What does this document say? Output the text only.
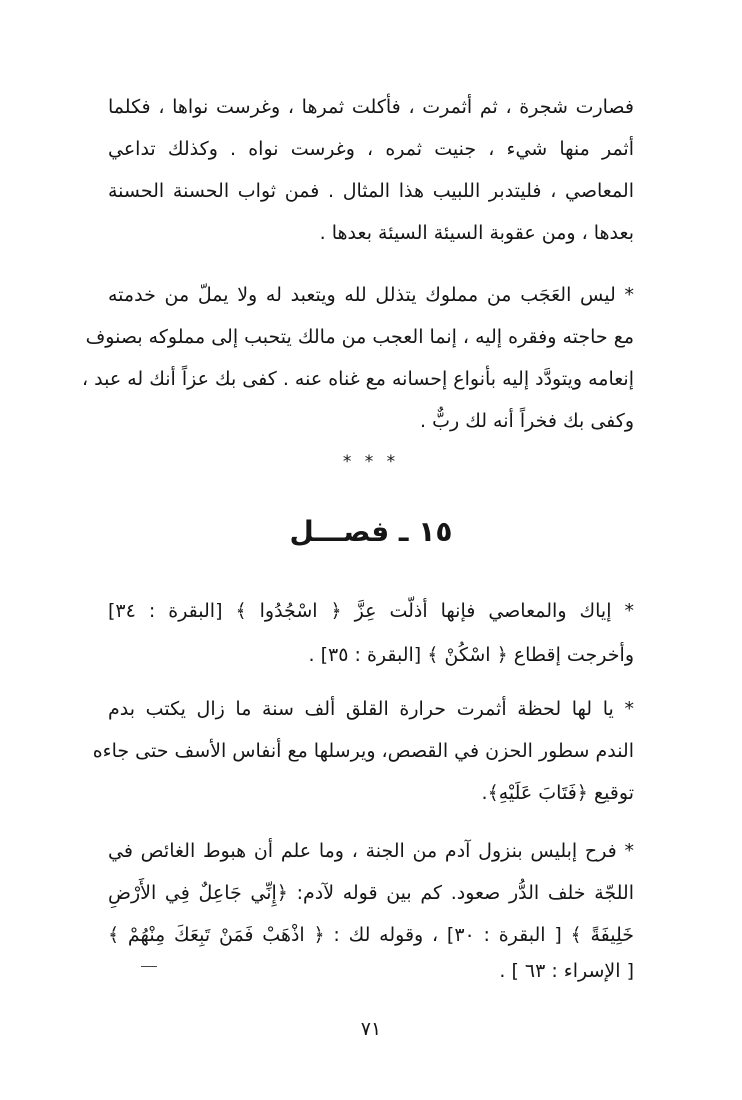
فصارت شجرة ، ثم أثمرت ، فأكلت ثمرها ، وغرست نواها ، فكلما
أثمر منها شيء ، جنيت ثمره ، وغرست نواه . وكذلك تداعي
المعاصي ، فليتدبر اللبيب هذا المثال . فمن ثواب الحسنة الحسنة
بعدها ، ومن عقوبة السيئة السيئة بعدها .
* ليس العَجَب من مملوك يتذلل لله ويتعبد له ولا يملّ من خدمته
مع حاجته وفقره إليه ، إنما العجب من مالك يتحبب إلى مملوكه بصنوف
إنعامه ويتودَّد إليه بأنواع إحسانه مع غناه عنه . كفى بك عزاً أنك له عبد ،
وكفى بك فخراً أنه لك ربٌّ .
* * *
١٥ ـ فصـــل
* إياك والمعاصي فإنها أذلّت عِزَّ ﴿ اسْجُدُوا ﴾ [البقرة : ٣٤]
وأخرجت إقطاع ﴿ اسْكُنْ ﴾ [البقرة : ٣٥] .
* يا لها لحظة أثمرت حرارة القلق ألف سنة ما زال يكتب بدم
الندم سطور الحزن في القصص، ويرسلها مع أنفاس الأسف حتى جاءه
توقيع ﴿فَتَابَ عَلَيْهِ﴾.
* فرح إبليس بنزول آدم من الجنة ، وما علم أن هبوط الغائص في
اللجّة خلف الدُّر صعود. كم بين قوله لآدم: ﴿إِنِّي جَاعِلٌ فِي الأَرْضِ
خَلِيفَةً ﴾ [ البقرة : ٣٠] ، وقوله لك : ﴿ اذْهَبْ فَمَنْ تَبِعَكَ مِنْهُمْ ﴾
[ الإسراء : ٦٣ ] .
٧١
